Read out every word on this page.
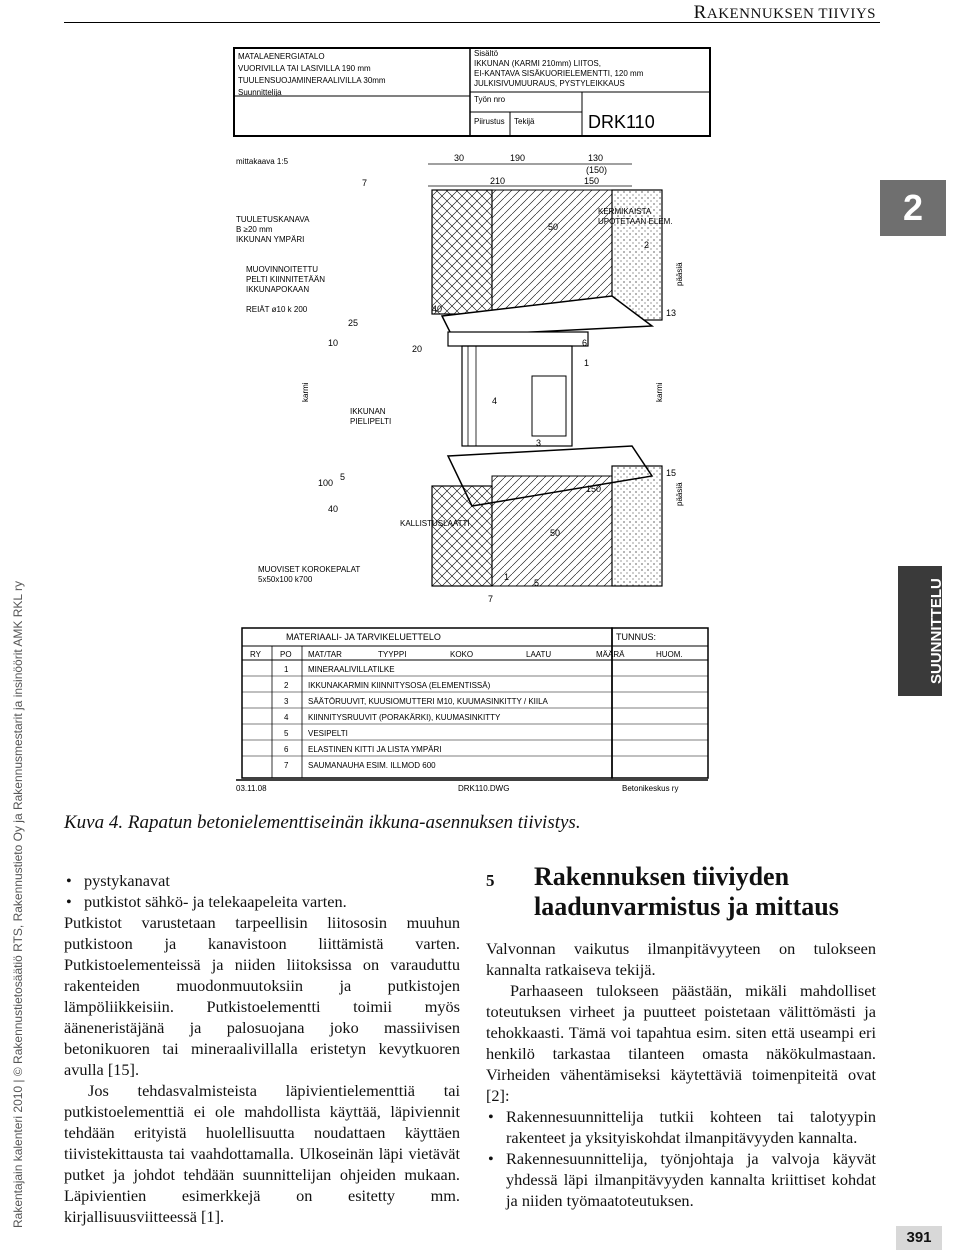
RAKENNUKSEN TIIVIYS
Rakentajain kalenteri 2010 | © Rakennustietosäätiö RTS, Rakennustieto Oy ja Rakennusmestarit ja insinöörit AMK RKL ry
2
SUUNNITTELU
391
MATALAENERGIATALO
VUORIVILLA TAI LASIVILLA 190 mm
TUULENSUOJAMINERAALIVILLA 30mm
Suunnittelija
Sisältö
IKKUNAN (KARMI 210mm) LIITOS,
EI-KANTAVA SISÄKUORIELEMENTTI, 120 mm
JULKISIVUMUURAUS, PYSTYLEIKKAUS
Työn nro
Piirustus Tekijä	DRK110
mittakaava 1:5	30	190	130
(150)
210	150
7
50
2
6
1
4
3
40
20
25
10
100
5
40
50
150
1
5
7
13
15
TUULETUSKANAVA
B ≥20 mm
IKKUNAN YMPÄRI
MUOVINNOITETTU
PELTI KIINNITETÄÄN
IKKUNAPOKAAN
REIÄT ø10 k 200
KERMIKAISTA
UPOTETAAN ELEM.
IKKUNAN
PIELIPELTI
KALLISTUSLAATTI
MUOVISET KOROKEPALAT
5x50x100 k700
karmi	karmi
pääsiä
pääsiä
MATERIAALI- JA TARVIKELUETTELO	TUNNUS:
RY PO MAT/TAR	TYYPPI	KOKO	LAATU	MÄÄRÄ	HUOM.
1 MINERAALIVILLATILKE
2 IKKUNAKARMIN KIINNITYSOSA (ELEMENTISSÄ)
3 SÄÄTÖRUUVIT, KUUSIOMUTTERI M10, KUUMASINKITTY / KIILA
4 KIINNITYSRUUVIT (PORAKÄRKI), KUUMASINKITTY
5 VESIPELTI
6 ELASTINEN KITTI JA LISTA YMPÄRI
7 SAUMANAUHA ESIM. ILLMOD 600
03.11.08	DRK110.DWG	Betonikeskus ry
Kuva 4. Rapatun betonielementtiseinän ikkuna-asennuksen tiivistys.
• pystykanavat
• putkistot sähkö- ja telekaapeleita varten.

Putkistot varustetaan tarpeellisin liitososin muuhun putkistoon ja kanavistoon liittämistä varten. Putkistoelementeissä ja niiden liitoksissa on varauduttu rakenteiden muodonmuutoksiin ja putkistojen lämpöliikkeisiin. Putkistoelementti toimii myös ääneneristäjänä ja palosuojana joko massiivisen betonikuoren tai mineraalivillalla eristetyn kevytkuoren avulla [15].

Jos tehdasvalmisteista läpivientielementtiä tai putkistoelementtiä ei ole mahdollista käyttää, läpiviennit tehdään erityistä huolellisuutta noudattaen käyttäen tiivistekittausta tai vaahdottamalla. Ulkoseinän läpi vietävät putket ja johdot tehdään suunnittelijan ohjeiden mukaan. Läpivientien esimerkkejä on esitetty mm. kirjallisuusviitteessä [1].

5 Rakennuksen tiiviyden
laadunvarmistus ja mittaus

Valvonnan vaikutus ilmanpitävyyteen on tulokseen kannalta ratkaiseva tekijä.

Parhaaseen tulokseen päästään, mikäli mahdolliset toteutuksen virheet ja puutteet poistetaan välittömästi ja tehokkaasti. Tämä voi tapahtua esim. siten että useampi eri henkilö tarkastaa tilanteen omasta näkökulmastaan. Virheiden vähentämiseksi käytettäviä toimenpiteitä ovat [2]:

• Rakennesuunnittelija tutkii kohteen tai talotyypin rakenteet ja yksityiskohdat ilmanpitävyyden kannalta.
• Rakennesuunnittelija, työnjohtaja ja valvoja käyvät yhdessä läpi ilmanpitävyyden kannalta kriittiset kohdat ja niiden työmaatoteutuksen.
